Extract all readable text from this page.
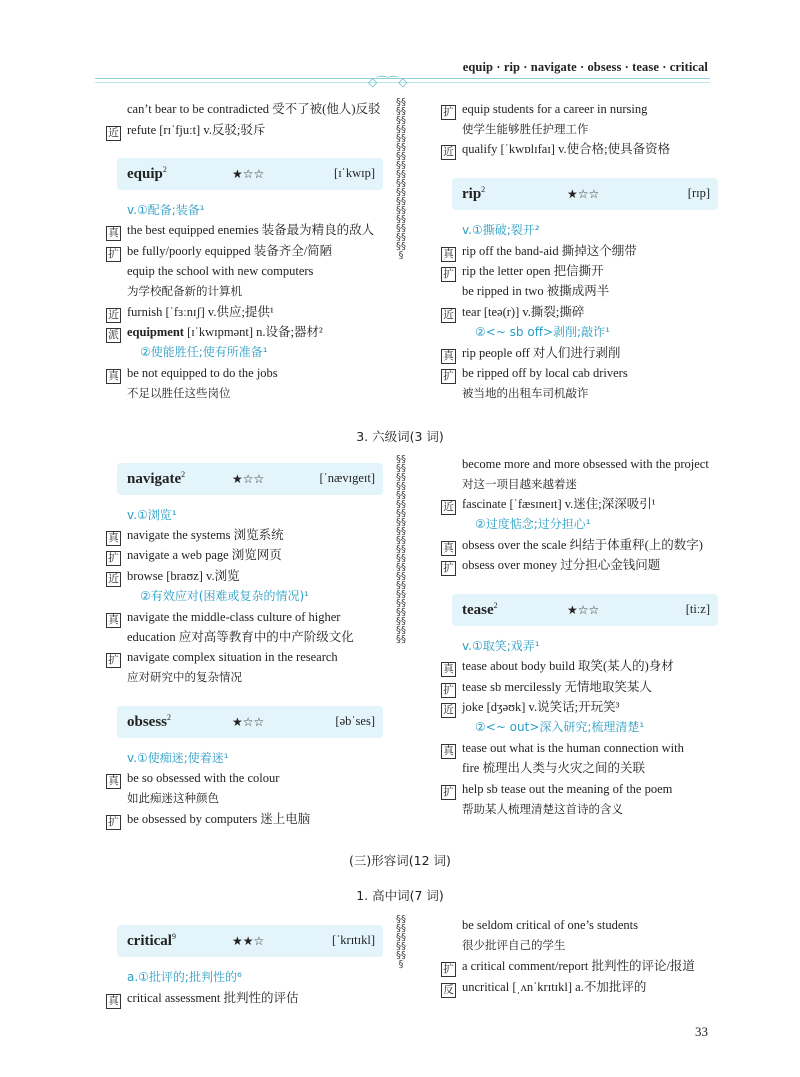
equip · rip · navigate · obsess · tease · critical
◇⌒⌒◇
§§§§§§§§§§§§§§§§§§§§§§§§§§§§§§§§§§§
§§§§§§§§§§§§§§§§§§§§§§§§§§§§§§§§§§§§§§§§§§
§§§§§§§§§§§
can’t bear to be contradicted 受不了被(他人)反驳
近 refute [rɪˈfjuːt] v.反驳;驳斥
equip$^2$	★☆☆	[ɪˈkwɪp]
v.①配备;装备¹
真 the best equipped enemies 装备最为精良的敌人
扩 be fully/poorly equipped 装备齐全/简陋
equip the school with new computers
为学校配备新的计算机
近 furnish [ˈfɜːnɪʃ] v.供应;提供¹
派 equipment [ɪˈkwɪpmənt] n.设备;器材²
②使能胜任;使有所准备¹
真 be not equipped to do the jobs
不足以胜任这些岗位
扩 equip students for a career in nursing
使学生能够胜任护理工作
近 qualify [ˈkwɒlɪfaɪ] v.使合格;使具备资格
rip$^2$	★☆☆	[rɪp]
v.①撕破;裂开²
真 rip off the band-aid 撕掉这个绷带
扩 rip the letter open 把信撕开
be ripped in two 被撕成两半
近 tear [teə(r)] v.撕裂;撕碎
②<~ sb off>剥削;敲诈¹
真 rip people off 对人们进行剥削
扩 be ripped off by local cab drivers
被当地的出租车司机敲诈
3. 六级词(3 词)
navigate$^2$	★☆☆	[ˈnævɪgeɪt]
v.①浏览¹
真 navigate the systems 浏览系统
扩 navigate a web page 浏览网页
近 browse [braʊz] v.浏览
②有效应对(困难或复杂的情况)¹
真 navigate the middle-class culture of higher
education 应对高等教育中的中产阶级文化
扩 navigate complex situation in the research
应对研究中的复杂情况
obsess$^2$	★☆☆	[əbˈses]
v.①使痴迷;使着迷¹
真 be so obsessed with the colour
如此痴迷这种颜色
扩 be obsessed by computers 迷上电脑
become more and more obsessed with the project
对这一项目越来越着迷
近 fascinate [ˈfæsɪneɪt] v.迷住;深深吸引¹
②过度惦念;过分担心¹
真 obsess over the scale 纠结于体重秤(上的数字)
扩 obsess over money 过分担心金钱问题
tease$^2$	★☆☆	[tiːz]
v.①取笑;戏弄¹
真 tease about body build 取笑(某人的)身材
扩 tease sb mercilessly 无情地取笑某人
近 joke [dʒəʊk] v.说笑话;开玩笑³
②<~ out>深入研究;梳理清楚¹
真 tease out what is the human connection with
fire 梳理出人类与火灾之间的关联
扩 help sb tease out the meaning of the poem
帮助某人梳理清楚这首诗的含义
(三)形容词(12 词)
1. 高中词(7 词)
critical$^9$	★★☆	[ˈkrɪtɪkl]
a.①批评的;批判性的⁶
真 critical assessment 批判性的评估
be seldom critical of one’s students
很少批评自己的学生
扩 a critical comment/report 批判性的评论/报道
反 uncritical [ˌʌnˈkrɪtɪkl] a.不加批评的
33
